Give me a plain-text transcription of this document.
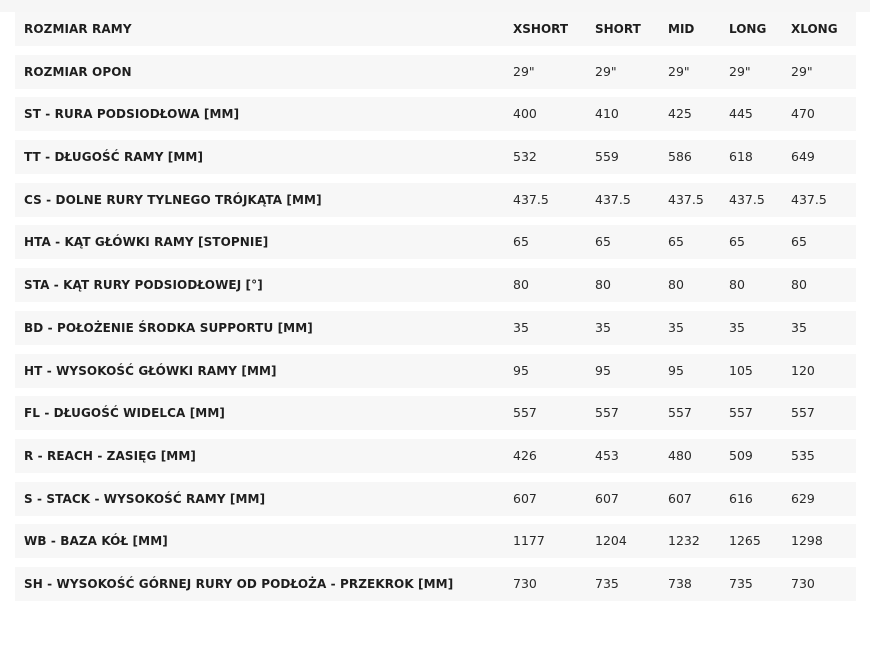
ROZMIAR RAMY	XSHORT SHORT MID	LONG XLONG
ROZMIAR OPON	29"	29"	29"	29"	29"
ST - RURA PODSIODŁOWA [MM]	400	410	425	445	470
TT - DŁUGOŚĆ RAMY [MM]	532	559	586	618	649
CS - DOLNE RURY TYLNEGO TRÓJKĄTA [MM]	437.5	437.5	437.5 437.5 437.5
HTA - KĄT GŁÓWKI RAMY [STOPNIE]	65	65	65	65	65
STA - KĄT RURY PODSIODŁOWEJ [°]	80	80	80	80	80
BD - POŁOŻENIE ŚRODKA SUPPORTU [MM]	35	35	35	35	35
HT - WYSOKOŚĆ GŁÓWKI RAMY [MM]	95	95	95	105	120
FL - DŁUGOŚĆ WIDELCA [MM]	557	557	557	557	557
R - REACH - ZASIĘG [MM]	426	453	480	509	535
S - STACK - WYSOKOŚĆ RAMY [MM]	607	607	607	616	629
WB - BAZA KÓŁ [MM]	1177	1204	1232 1265 1298
SH - WYSOKOŚĆ GÓRNEJ RURY OD PODŁOŻA - PRZEKROK [MM]	730	735	738	735	730
